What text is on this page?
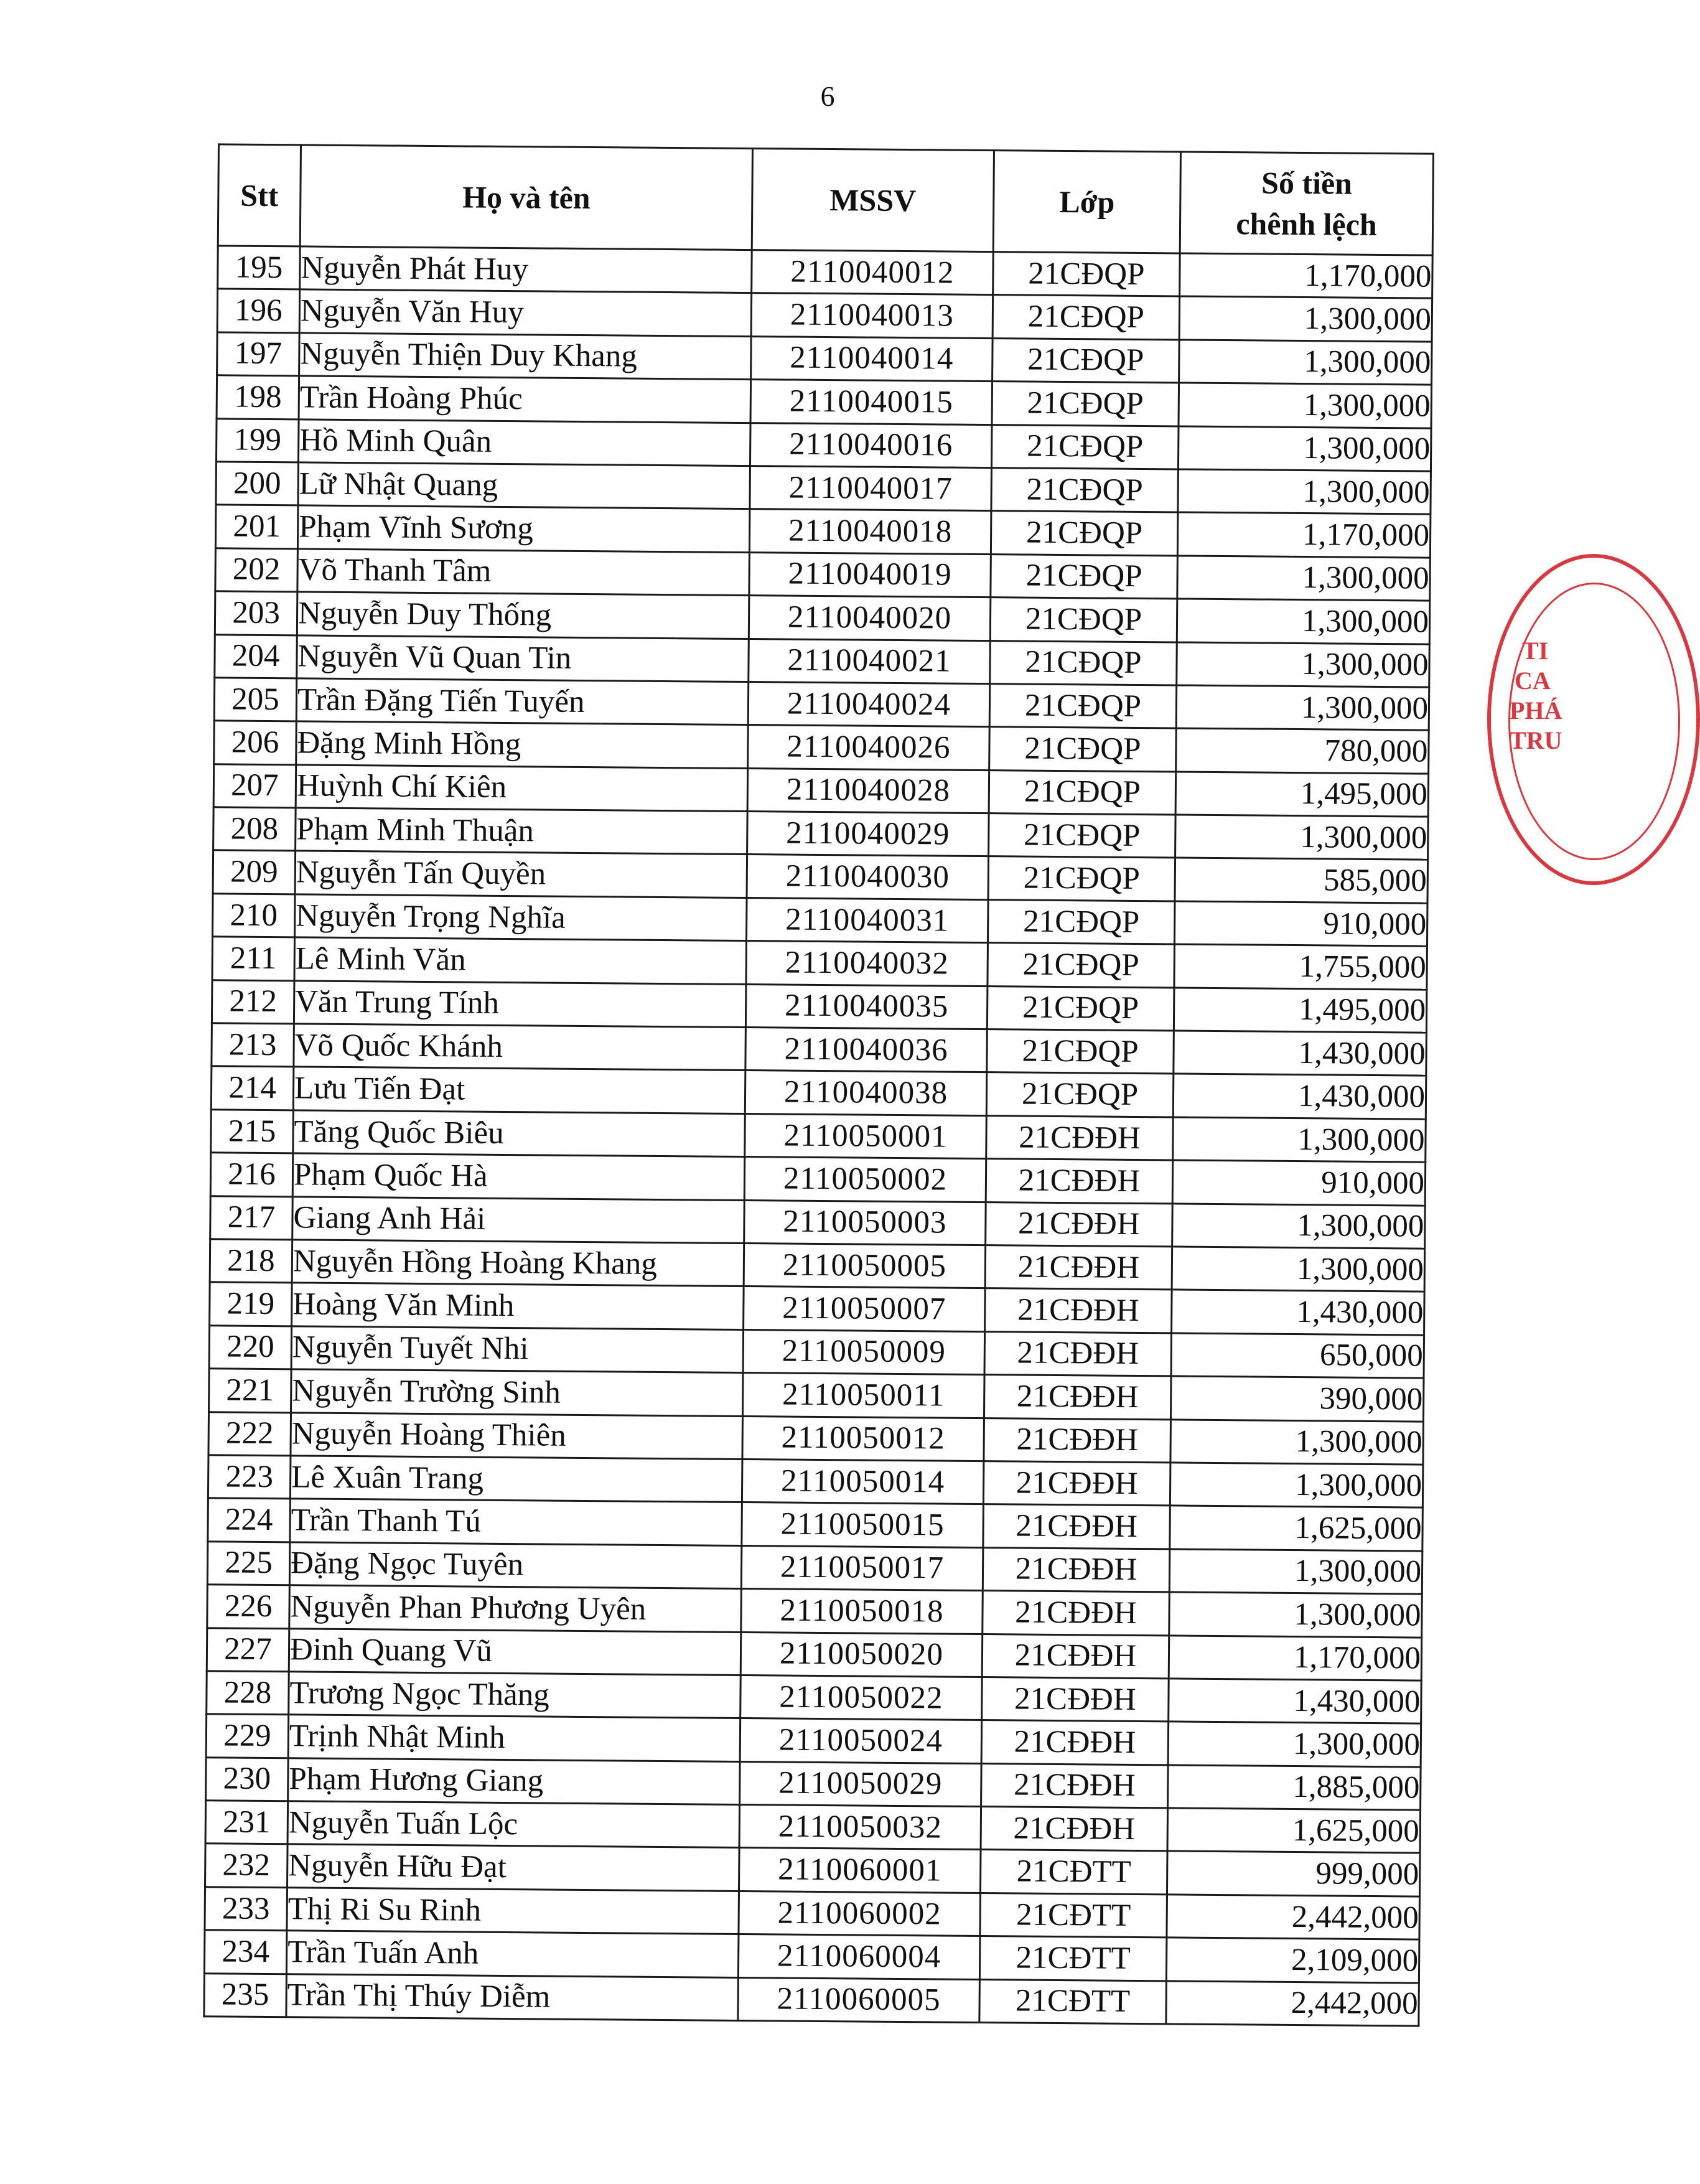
6
Stt	Họ và tên	MSSV	Lớp	Số tiền
chênh lệch
195	Nguyễn Phát Huy	2110040012	21CĐQP	1,170,000
196	Nguyễn Văn Huy	2110040013	21CĐQP	1,300,000
197	Nguyễn Thiện Duy Khang	2110040014	21CĐQP	1,300,000
198	Trần Hoàng Phúc	2110040015	21CĐQP	1,300,000
199	Hồ Minh Quân	2110040016	21CĐQP	1,300,000
200	Lữ Nhật Quang	2110040017	21CĐQP	1,300,000
201	Phạm Vĩnh Sương	2110040018	21CĐQP	1,170,000
202	Võ Thanh Tâm	2110040019	21CĐQP	1,300,000
203	Nguyễn Duy Thống	2110040020	21CĐQP	1,300,000
204	Nguyễn Vũ Quan Tin	2110040021	21CĐQP	1,300,000
205	Trần Đặng Tiến Tuyến	2110040024	21CĐQP	1,300,000
206	Đặng Minh Hồng	2110040026	21CĐQP	780,000
207	Huỳnh Chí Kiên	2110040028	21CĐQP	1,495,000
208	Phạm Minh Thuận	2110040029	21CĐQP	1,300,000
209	Nguyễn Tấn Quyền	2110040030	21CĐQP	585,000
210	Nguyễn Trọng Nghĩa	2110040031	21CĐQP	910,000
211	Lê Minh Văn	2110040032	21CĐQP	1,755,000
212	Văn Trung Tính	2110040035	21CĐQP	1,495,000
213	Võ Quốc Khánh	2110040036	21CĐQP	1,430,000
214	Lưu Tiến Đạt	2110040038	21CĐQP	1,430,000
215	Tăng Quốc Biêu	2110050001	21CĐĐH	1,300,000
216	Phạm Quốc Hà	2110050002	21CĐĐH	910,000
217	Giang Anh Hải	2110050003	21CĐĐH	1,300,000
218	Nguyễn Hồng Hoàng Khang	2110050005	21CĐĐH	1,300,000
219	Hoàng Văn Minh	2110050007	21CĐĐH	1,430,000
220	Nguyễn Tuyết Nhi	2110050009	21CĐĐH	650,000
221	Nguyễn Trường Sinh	2110050011	21CĐĐH	390,000
222	Nguyễn Hoàng Thiên	2110050012	21CĐĐH	1,300,000
223	Lê Xuân Trang	2110050014	21CĐĐH	1,300,000
224	Trần Thanh Tú	2110050015	21CĐĐH	1,625,000
225	Đặng Ngọc Tuyên	2110050017	21CĐĐH	1,300,000
226	Nguyễn Phan Phương Uyên	2110050018	21CĐĐH	1,300,000
227	Đinh Quang Vũ	2110050020	21CĐĐH	1,170,000
228	Trương Ngọc Thăng	2110050022	21CĐĐH	1,430,000
229	Trịnh Nhật Minh	2110050024	21CĐĐH	1,300,000
230	Phạm Hương Giang	2110050029	21CĐĐH	1,885,000
231	Nguyễn Tuấn Lộc	2110050032	21CĐĐH	1,625,000
232	Nguyễn Hữu Đạt	2110060001	21CĐTT	999,000
233	Thị Ri Su Rinh	2110060002	21CĐTT	2,442,000
234	Trần Tuấn Anh	2110060004	21CĐTT	2,109,000
235	Trần Thị Thúy Diễm	2110060005	21CĐTT	2,442,000
TI
CA
PHÁ
TRU
